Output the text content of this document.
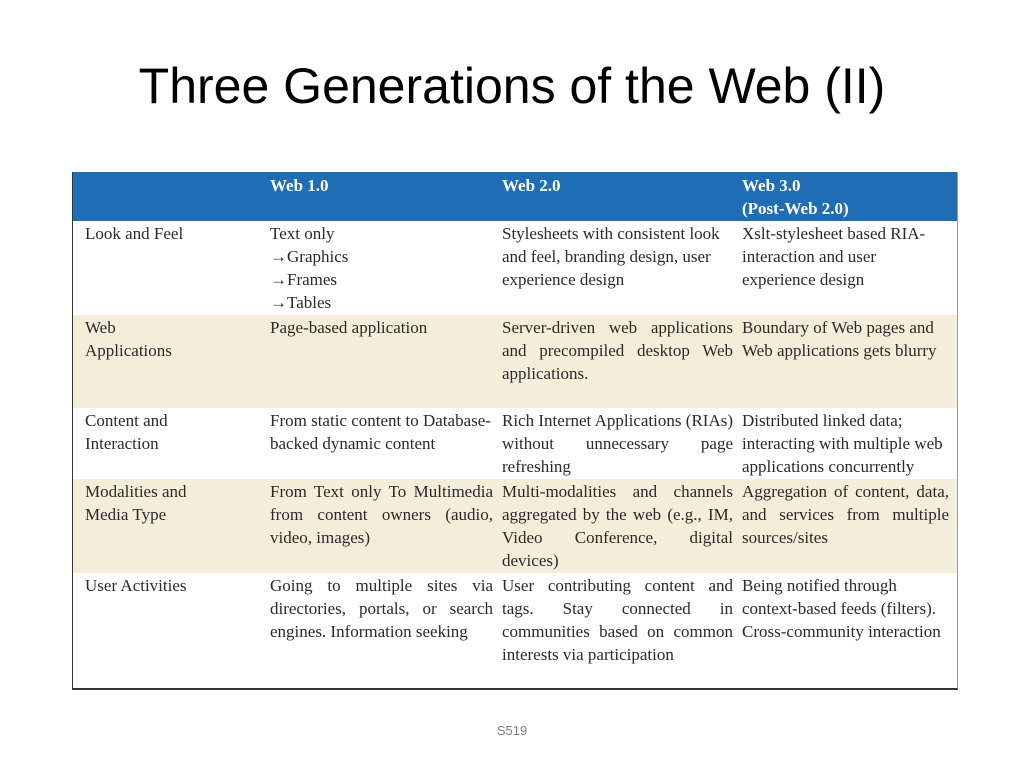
Three Generations of the Web (II)

	Web 1.0	Web 2.0	Web 3.0
(Post-Web 2.0)

Look and Feel	Text only
→Graphics
→Frames
→Tables	Stylesheets with consistent look and feel, branding design, user experience design	Xslt-stylesheet based RIA-interaction and user experience design

Web
Applications	Page-based application	Server-driven web applications and precompiled desktop Web applications.	Boundary of Web pages and Web applications gets blurry

Content and
Interaction	From static content to Database-backed dynamic content	Rich Internet Applications (RIAs) without unnecessary page refreshing	Distributed linked data; interacting with multiple web applications concurrently

Modalities and
Media Type	From Text only To Multimedia from content owners (audio, video, images)	Multi-modalities and channels aggregated by the web (e.g., IM, Video Conference, digital devices)	Aggregation of content, data, and services from multiple sources/sites

User Activities	Going to multiple sites via directories, portals, or search engines. Information seeking	User contributing content and tags. Stay connected in communities based on common interests via participation	Being notified through context-based feeds (filters). Cross-community interaction
S519
